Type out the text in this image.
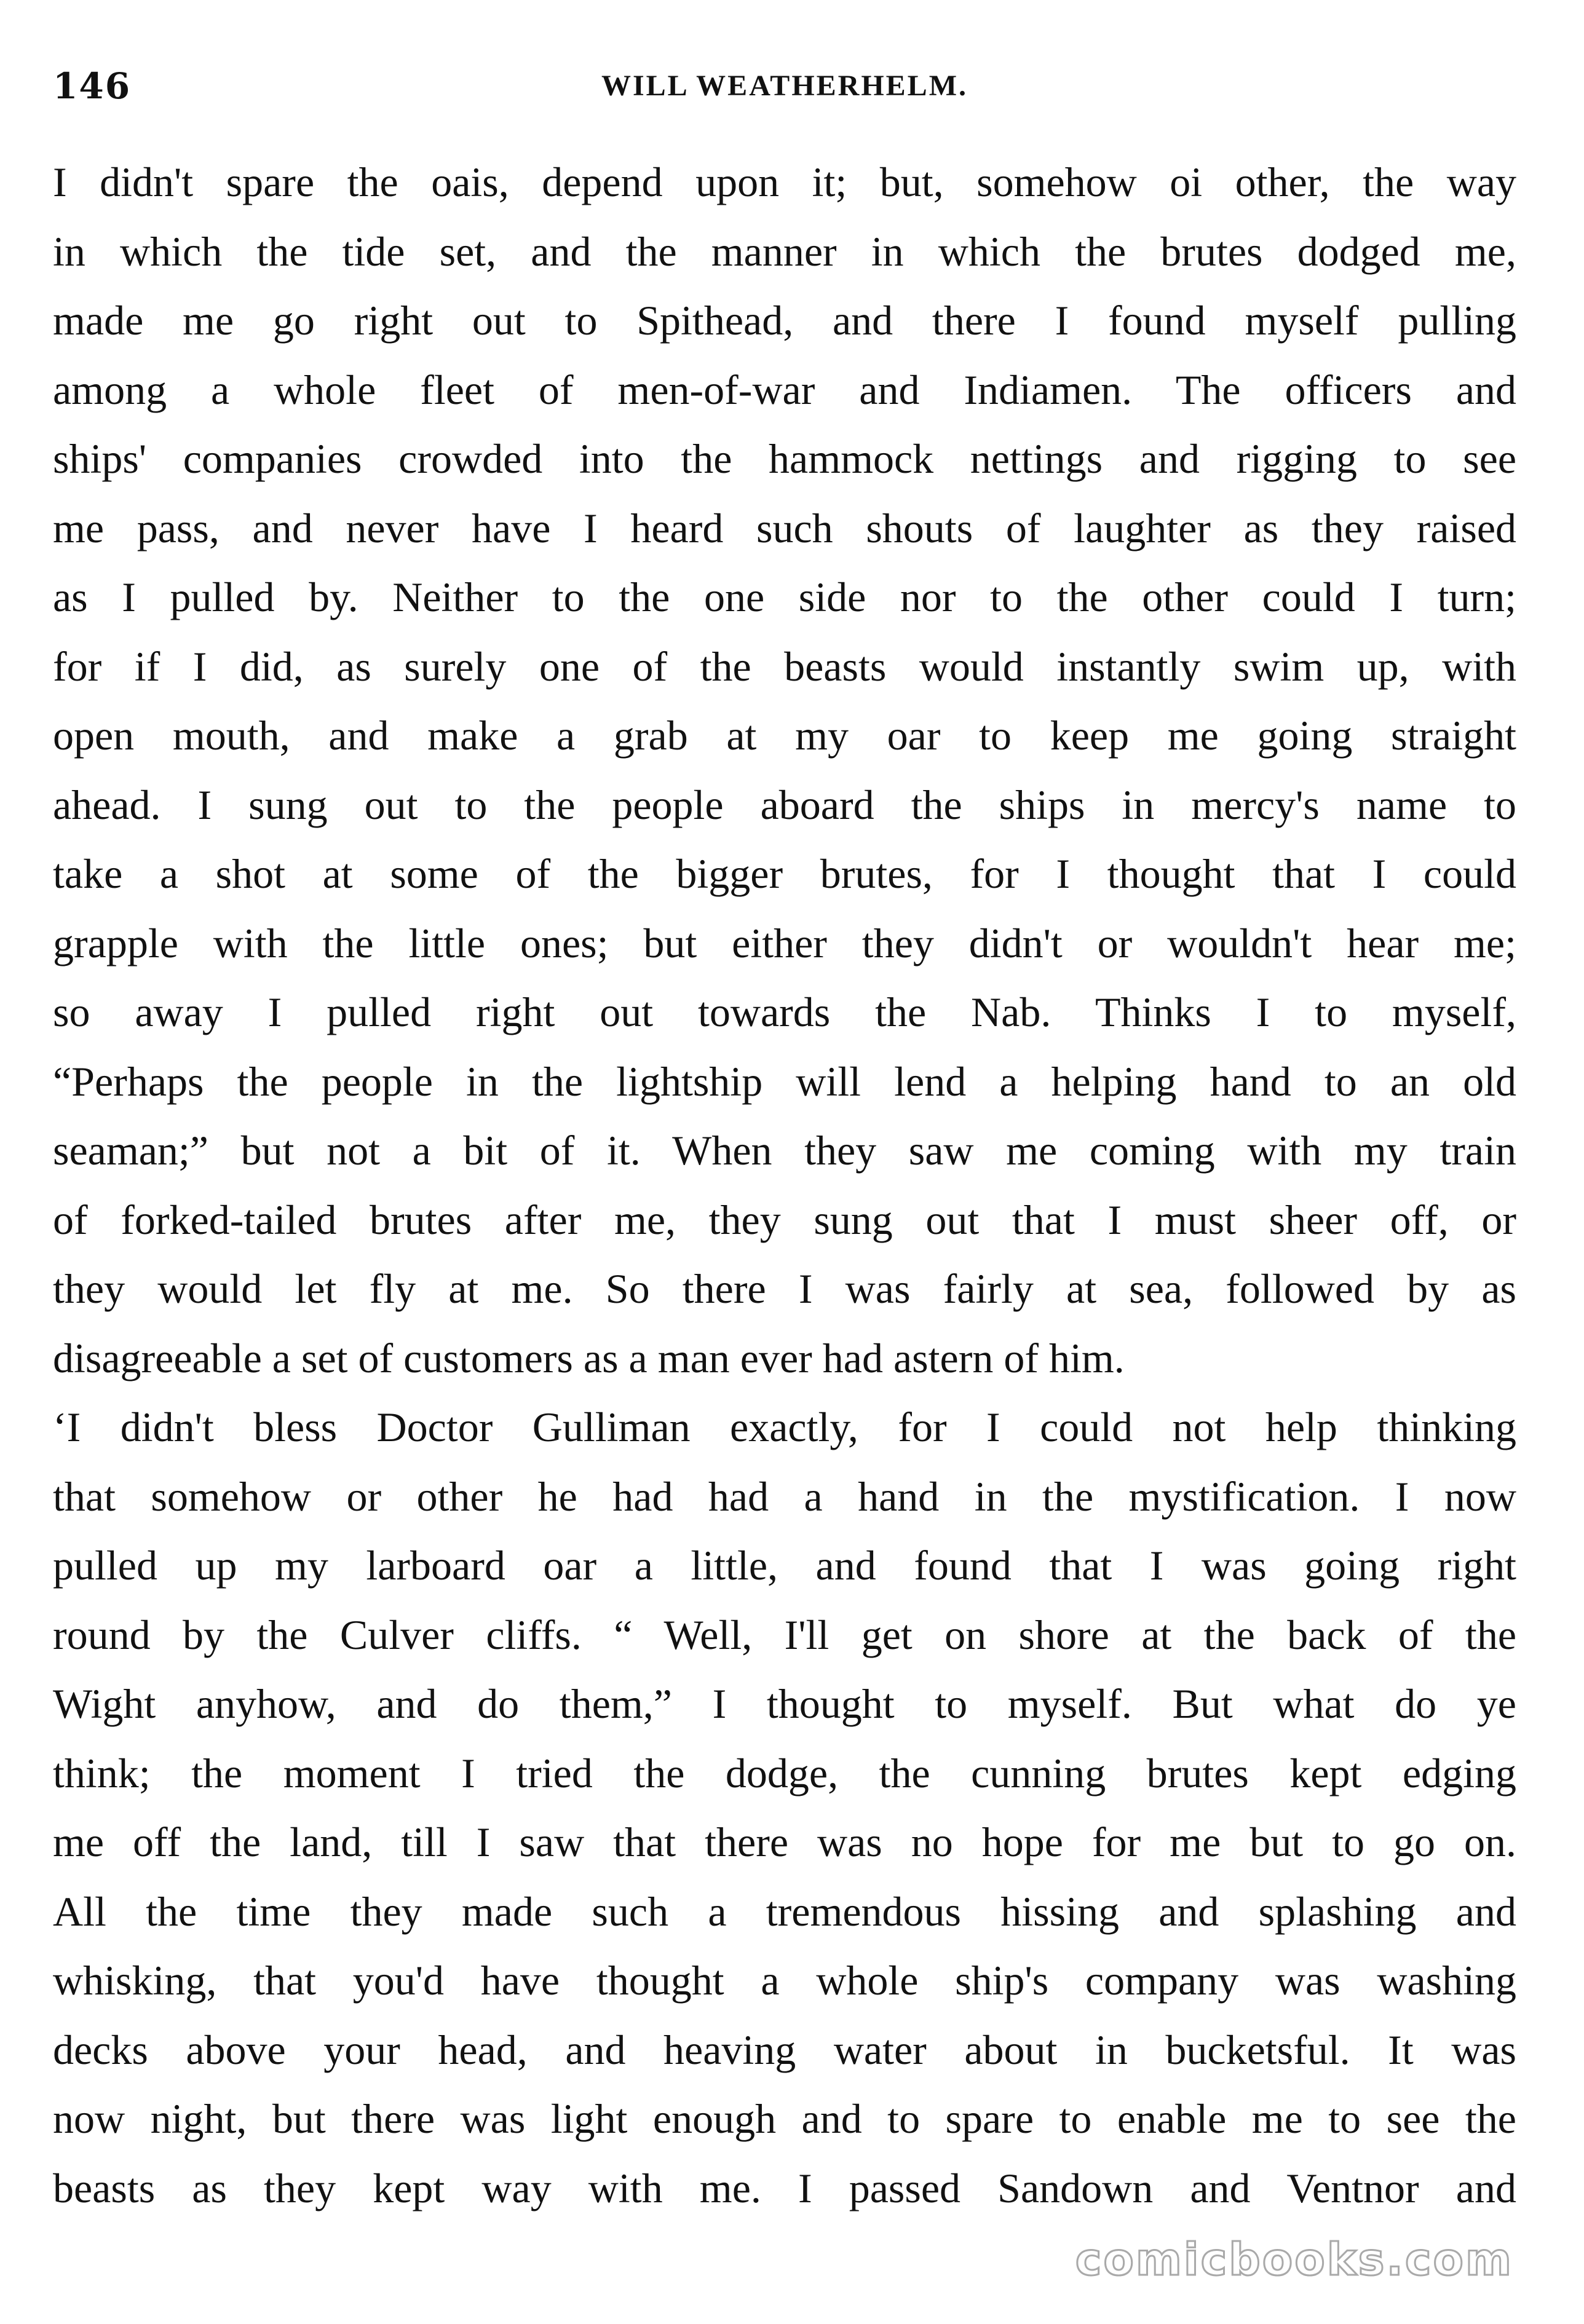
146	WILL WEATHERHELM.
I didn't spare the oais, depend upon it; but, somehow oi other, the way
in which the tide set, and the manner in which the brutes dodged me,
made me go right out to Spithead, and there I found myself pulling
among a whole fleet of men-of-war and Indiamen. The officers and
ships' companies crowded into the hammock nettings and rigging to see
me pass, and never have I heard such shouts of laughter as they raised
as I pulled by. Neither to the one side nor to the other could I turn;
for if I did, as surely one of the beasts would instantly swim up, with
open mouth, and make a grab at my oar to keep me going straight
ahead. I sung out to the people aboard the ships in mercy's name to
take a shot at some of the bigger brutes, for I thought that I could
grapple with the little ones; but either they didn't or wouldn't hear me;
so away I pulled right out towards the Nab. Thinks I to myself,
“Perhaps the people in the lightship will lend a helping hand to an old
seaman;” but not a bit of it. When they saw me coming with my train
of forked-tailed brutes after me, they sung out that I must sheer off, or
they would let fly at me. So there I was fairly at sea, followed by as
disagreeable a set of customers as a man ever had astern of him.
‘I didn't bless Doctor Gulliman exactly, for I could not help thinking
that somehow or other he had had a hand in the mystification. I now
pulled up my larboard oar a little, and found that I was going right
round by the Culver cliffs. “ Well, I'll get on shore at the back of the
Wight anyhow, and do them,” I thought to myself. But what do ye
think; the moment I tried the dodge, the cunning brutes kept edging
me off the land, till I saw that there was no hope for me but to go on.
All the time they made such a tremendous hissing and splashing and
whisking, that you'd have thought a whole ship's company was washing
decks above your head, and heaving water about in bucketsful. It was
now night, but there was light enough and to spare to enable me to see the
beasts as they kept way with me. I passed Sandown and Ventnor and
comicbooks.com
